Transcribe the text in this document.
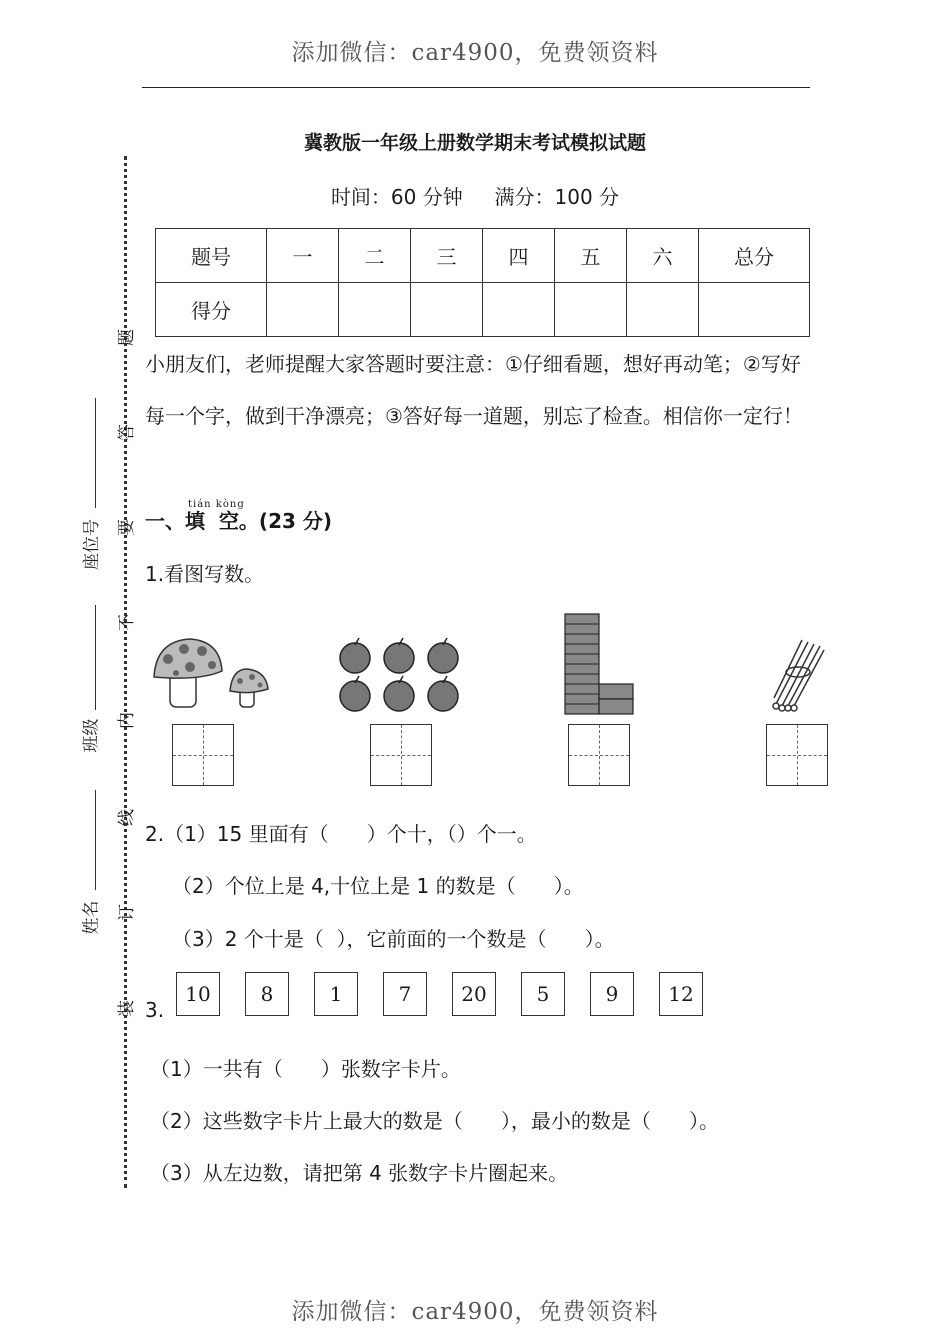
添加微信：car4900，免费领资料
添加微信：car4900，免费领资料
冀教版一年级上册数学期末考试模拟试题
时间：60 分钟     满分：100 分
题号	一	二	三	四	五	六	总分
得分							
小朋友们，老师提醒大家答题时要注意：①仔细看题，想好再动笔；②写好每一个字，做到干净漂亮；③答好每一道题，别忘了检查。相信你一定行！
tián kòng
一、填  空。(23 分)
1.看图写数。
2.（1）15 里面有（      ）个十，（）个一。
（2）个位上是 4,十位上是 1 的数是（      ）。
（3）2 个十是（  ），它前面的一个数是（      ）。
3.
10	8	1	7	20	5	9	12
（1）一共有（      ）张数字卡片。
（2）这些数字卡片上最大的数是（      ），最小的数是（      ）。
（3）从左边数，请把第 4 张数字卡片圈起来。
题
答
要
不
内
线
订
装
座位号
班级
姓名
